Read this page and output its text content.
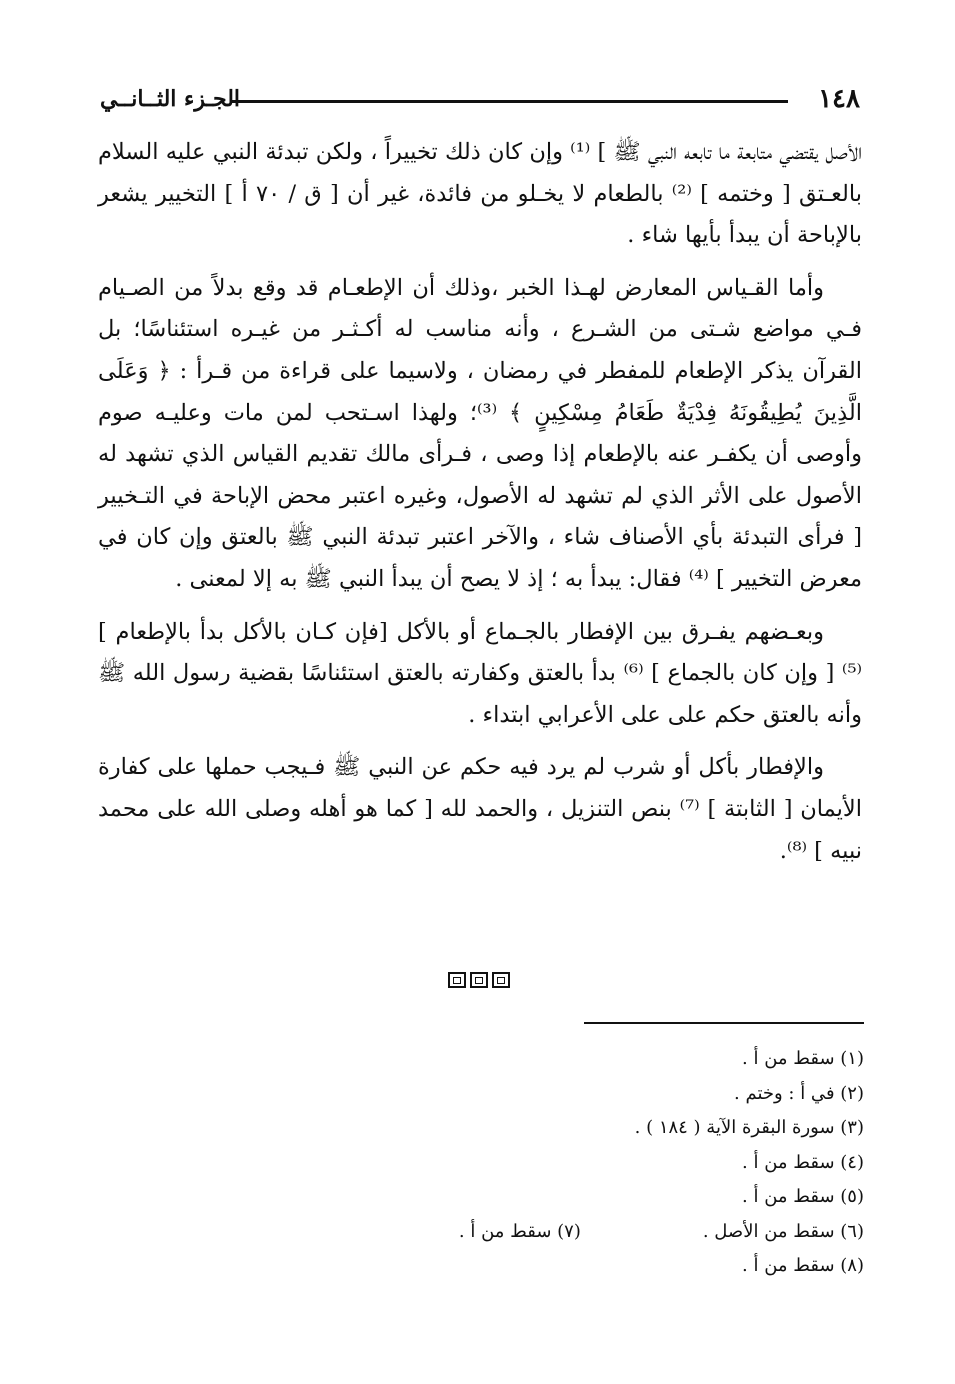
١٤٨
الجـزء الثــانــي

الأصل يقتضي متابعة ما تابعه النبي ﷺ ] ⁽¹⁾ وإن كان ذلك تخييراً ، ولكن تبدئة النبي عليه السلام بالعـتق [ وختمه ] ⁽²⁾ بالطعام لا يخـلو من فائدة، غير أن [ ق / ٧٠ أ ] التخيير يشعر بالإباحة أن يبدأ بأيها شاء .

وأما القـياس المعارض لهـذا الخبر ،وذلك أن الإطعـام قد وقع بدلاً من الصـيام فـي مواضع شـتى من الشـرع ، وأنه مناسب له أكـثـر من غيـره استئناسًا؛ بل القرآن يذكر الإطعام للمفطر في رمضان ، ولاسيما على قراءة من قـرأ : ﴿ وَعَلَى الَّذِينَ يُطِيقُونَهُ فِدْيَةٌ طَعَامُ مِسْكِينٍ ﴾ ⁽³⁾؛ ولهذا اسـتحب لمن مات وعليـه صوم وأوصى أن يكفـر عنه بالإطعام إذا وصى ، فـرأى مالك تقديم القياس الذي تشهد له الأصول على الأثر الذي لم تشهد له الأصول، وغيره اعتبر محض الإباحة في التـخيير [ فرأى التبدئة بأي الأصناف شاء ، والآخر اعتبر تبدئة النبي ﷺ بالعتق وإن كان في معرض التخيير ] ⁽⁴⁾ فقال: يبدأ به ؛ إذ لا يصح أن يبدأ النبي ﷺ به إلا لمعنى .

وبعـضهم يفـرق بين الإفطار بالجـماع أو بالأكل [فإن كـان بالأكل بدأ بالإطعام ] ⁽⁵⁾ [ وإن كان بالجماع ] ⁽⁶⁾ بدأ بالعتق وكفارته بالعتق استئناسًا بقضية رسول الله ﷺ وأنه بالعتق حكم على على الأعرابي ابتداء .

والإفطار بأكل أو شرب لم يرد فيه حكم عن النبي ﷺ فـيجب حملها على كفارة الأيمان [ الثابتة ] ⁽⁷⁾ بنص التنزيل ، والحمد لله [ كما هو أهله وصلى الله على محمد نبيه ] ⁽⁸⁾.

(١) سقط من أ .

(٢) في أ : وختم .

(٣) سورة البقرة الآية ( ١٨٤ ) .

(٤) سقط من أ .

(٥) سقط من أ .

(٦) سقط من الأصل .

(٧) سقط من أ .

(٨) سقط من أ .
